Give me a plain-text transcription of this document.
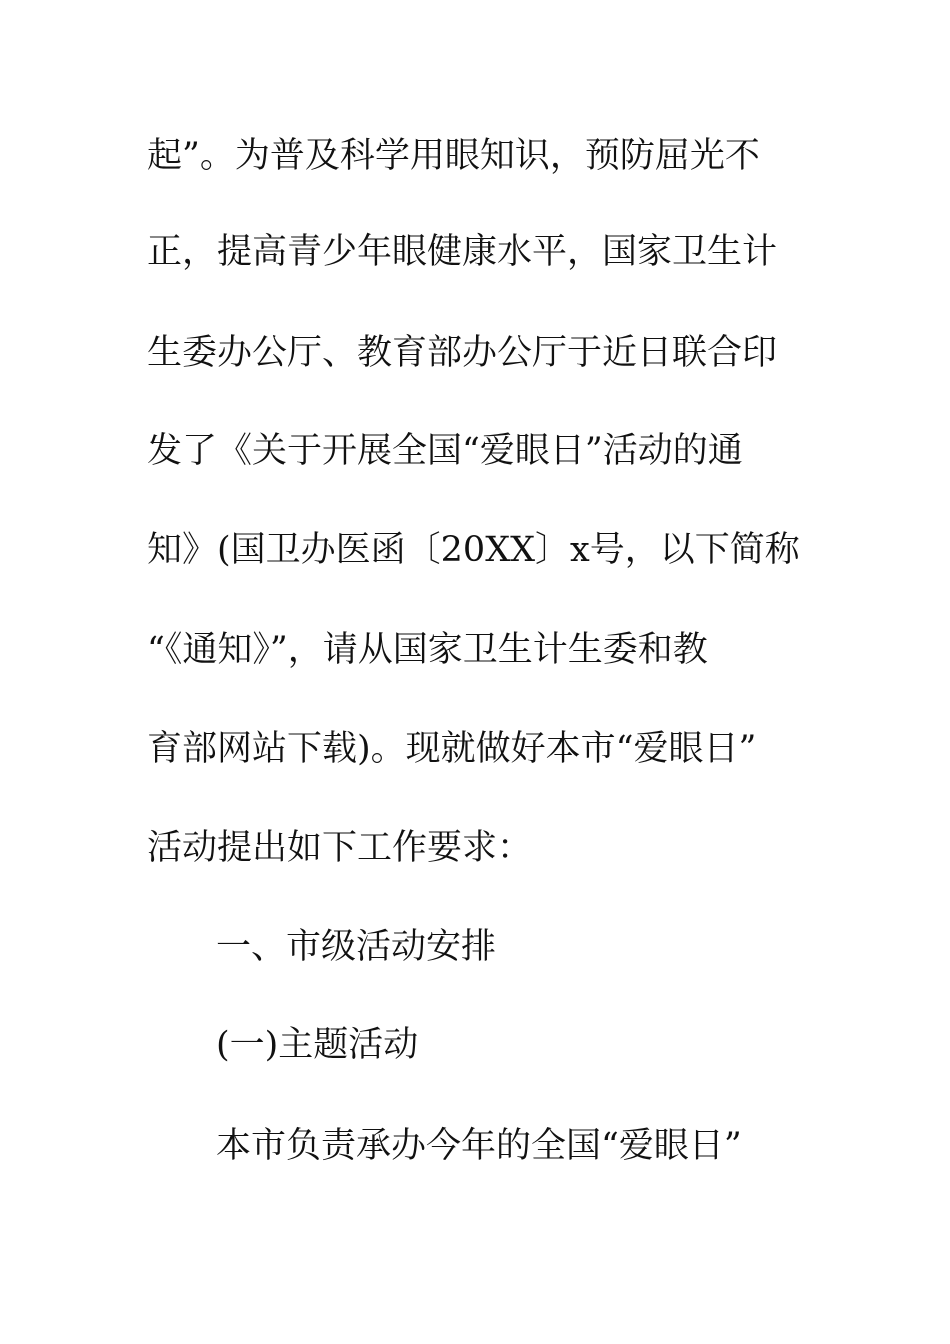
起”。为普及科学用眼知识，预防屈光不
正，提高青少年眼健康水平，国家卫生计
生委办公厅、教育部办公厅于近日联合印
发了《关于开展全国“爱眼日”活动的通
知》(国卫办医函〔20XX〕x号，以下简称
“《通知》”，请从国家卫生计生委和教
育部网站下载)。现就做好本市“爱眼日”
活动提出如下工作要求：
一、市级活动安排
(一)主题活动
本市负责承办今年的全国“爱眼日”
